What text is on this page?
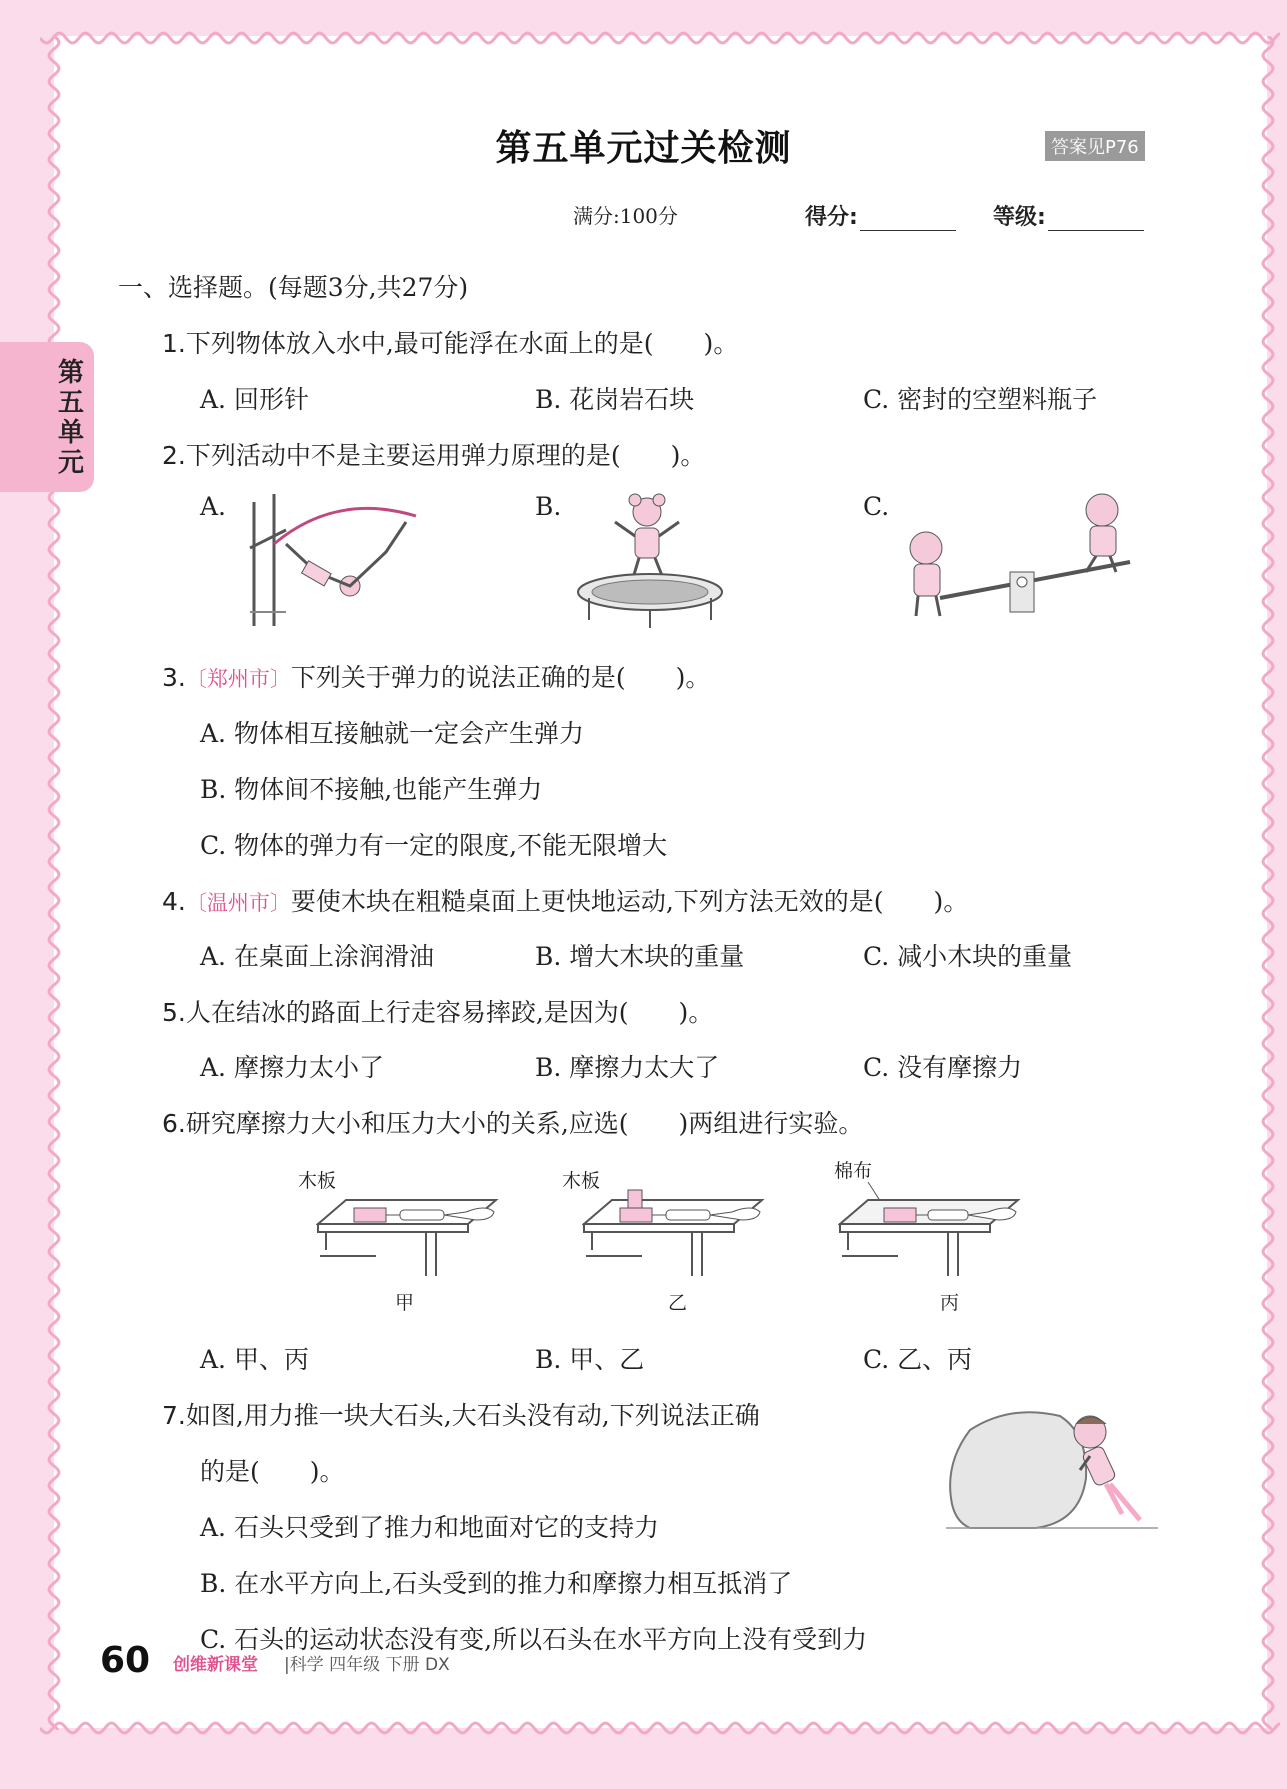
第五单元
第五单元过关检测	答案见P76
满分:100分	得分:	等级:
一、选择题。(每题3分,共27分)
1.下列物体放入水中,最可能浮在水面上的是(　　)。
A. 回形针	B. 花岗岩石块	C. 密封的空塑料瓶子
2.下列活动中不是主要运用弹力原理的是(　　)。
A.	B.	C.
3.〔郑州市〕下列关于弹力的说法正确的是(　　)。
A. 物体相互接触就一定会产生弹力
B. 物体间不接触,也能产生弹力
C. 物体的弹力有一定的限度,不能无限增大
4.〔温州市〕要使木块在粗糙桌面上更快地运动,下列方法无效的是(　　)。
A. 在桌面上涂润滑油	B. 增大木块的重量	C. 减小木块的重量
5.人在结冰的路面上行走容易摔跤,是因为(　　)。
A. 摩擦力太小了	B. 摩擦力太大了	C. 没有摩擦力
6.研究摩擦力大小和压力大小的关系,应选(　　)两组进行实验。
木板
甲
木板
乙
棉布
丙
A. 甲、丙	B. 甲、乙	C. 乙、丙
7.如图,用力推一块大石头,大石头没有动,下列说法正确
的是(　　)。
A. 石头只受到了推力和地面对它的支持力
B. 在水平方向上,石头受到的推力和摩擦力相互抵消了
C. 石头的运动状态没有变,所以石头在水平方向上没有受到力
60 创维新课堂 |科学 四年级 下册 DX
